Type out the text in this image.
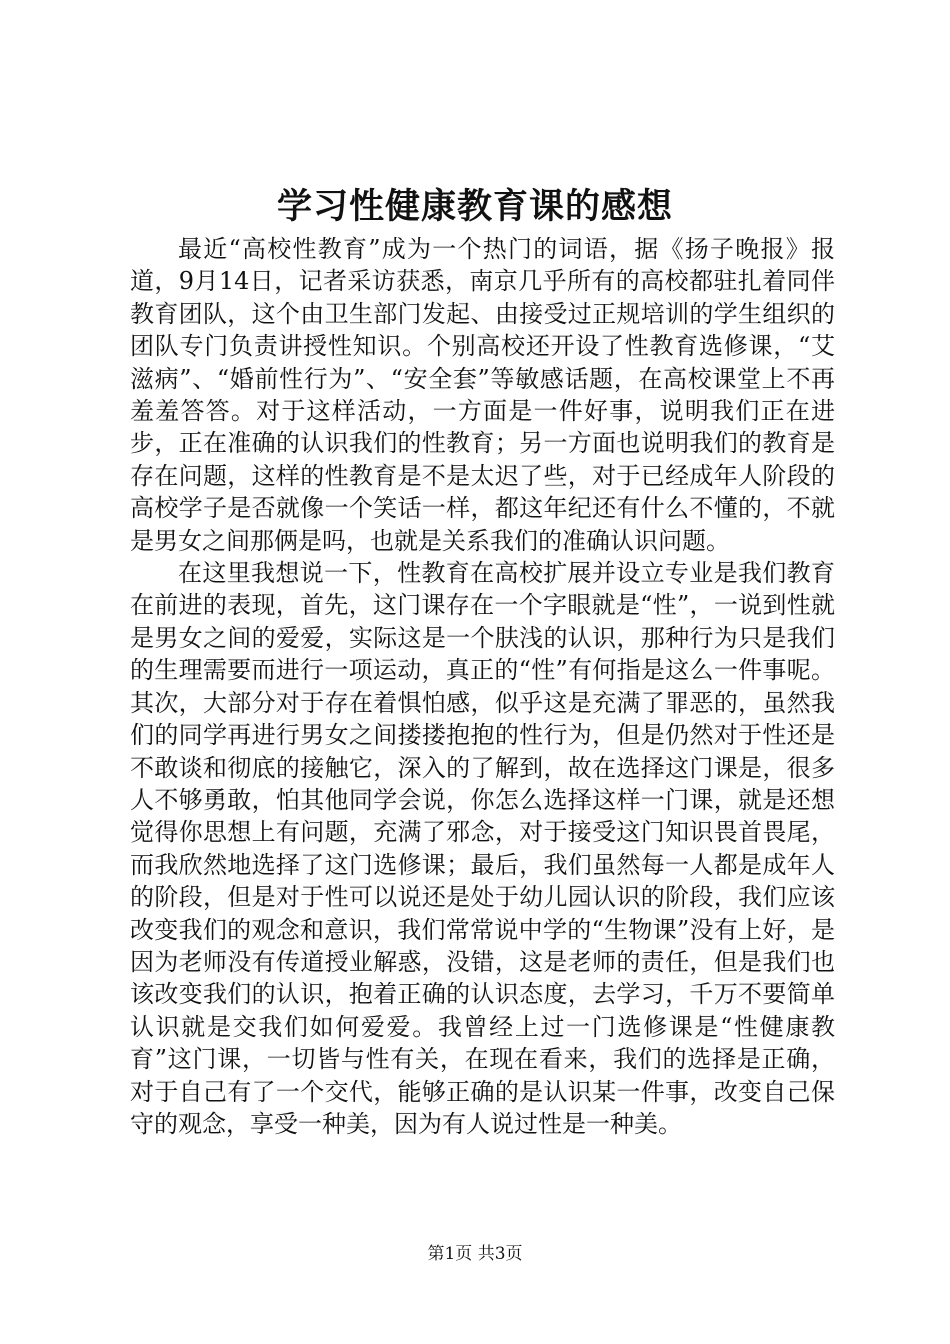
学习性健康教育课的感想

最近“高校性教育”成为一个热门的词语，据《扬子晚报》报道，9月14日，记者采访获悉，南京几乎所有的高校都驻扎着同伴教育团队，这个由卫生部门发起、由接受过正规培训的学生组织的团队专门负责讲授性知识。个别高校还开设了性教育选修课，“艾滋病”、“婚前性行为”、“安全套”等敏感话题，在高校课堂上不再羞羞答答。对于这样活动，一方面是一件好事，说明我们正在进步，正在准确的认识我们的性教育；另一方面也说明我们的教育是存在问题，这样的性教育是不是太迟了些，对于已经成年人阶段的高校学子是否就像一个笑话一样，都这年纪还有什么不懂的，不就是男女之间那俩是吗，也就是关系我们的准确认识问题。

在这里我想说一下，性教育在高校扩展并设立专业是我们教育在前进的表现，首先，这门课存在一个字眼就是“性”，一说到性就是男女之间的爱爱，实际这是一个肤浅的认识，那种行为只是我们的生理需要而进行一项运动，真正的“性”有何指是这么一件事呢。其次，大部分对于存在着惧怕感，似乎这是充满了罪恶的，虽然我们的同学再进行男女之间搂搂抱抱的性行为，但是仍然对于性还是不敢谈和彻底的接触它，深入的了解到，故在选择这门课是，很多人不够勇敢，怕其他同学会说，你怎么选择这样一门课，就是还想觉得你思想上有问题，充满了邪念，对于接受这门知识畏首畏尾，而我欣然地选择了这门选修课；最后，我们虽然每一人都是成年人的阶段，但是对于性可以说还是处于幼儿园认识的阶段，我们应该改变我们的观念和意识，我们常常说中学的“生物课”没有上好，是因为老师没有传道授业解惑，没错，这是老师的责任，但是我们也该改变我们的认识，抱着正确的认识态度，去学习，千万不要简单认识就是交我们如何爱爱。我曾经上过一门选修课是“性健康教育”这门课，一切皆与性有关，在现在看来，我们的选择是正确，对于自己有了一个交代，能够正确的是认识某一件事，改变自己保守的观念，享受一种美，因为有人说过性是一种美。

第1页 共3页
